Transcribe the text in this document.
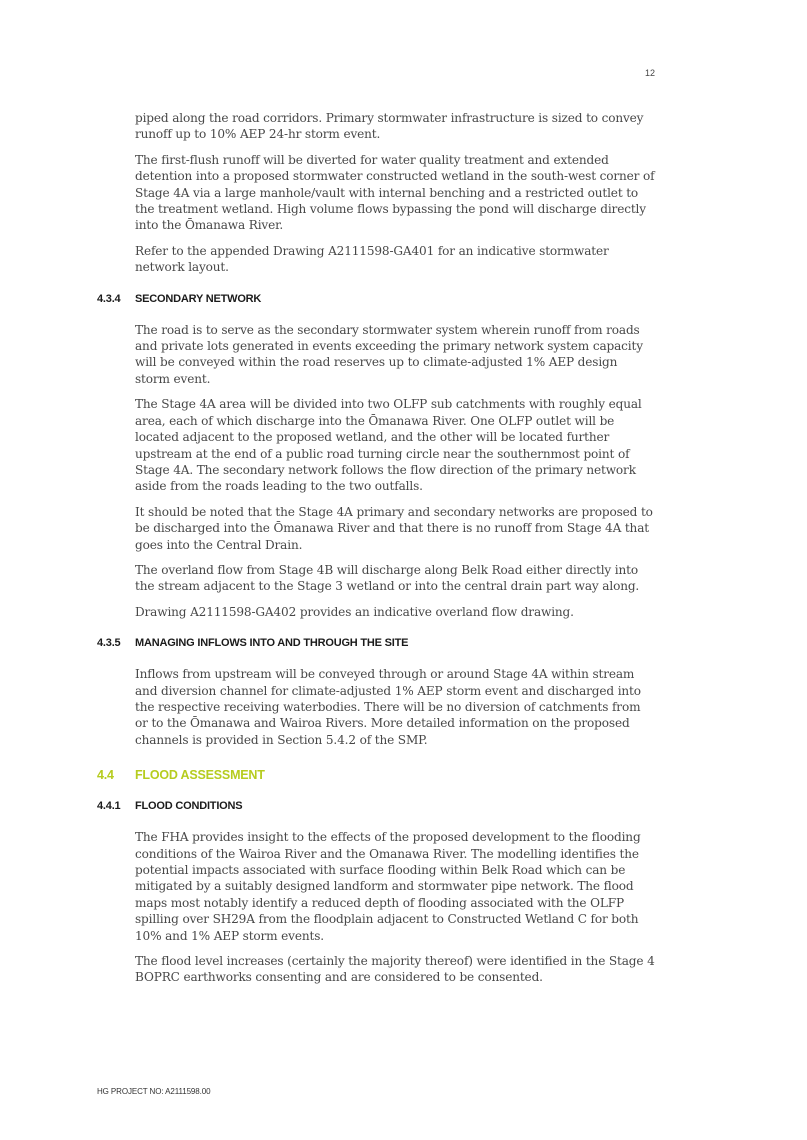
12

piped along the road corridors. Primary stormwater infrastructure is sized to convey runoff up to 10% AEP 24-hr storm event.

The first-flush runoff will be diverted for water quality treatment and extended detention into a proposed stormwater constructed wetland in the south-west corner of Stage 4A via a large manhole/vault with internal benching and a restricted outlet to the treatment wetland. High volume flows bypassing the pond will discharge directly into the Ōmanawa River.

Refer to the appended Drawing A2111598-GA401 for an indicative stormwater network layout.

4.3.4 SECONDARY NETWORK

The road is to serve as the secondary stormwater system wherein runoff from roads and private lots generated in events exceeding the primary network system capacity will be conveyed within the road reserves up to climate-adjusted 1% AEP design storm event.

The Stage 4A area will be divided into two OLFP sub catchments with roughly equal area, each of which discharge into the Ōmanawa River. One OLFP outlet will be located adjacent to the proposed wetland, and the other will be located further upstream at the end of a public road turning circle near the southernmost point of Stage 4A. The secondary network follows the flow direction of the primary network aside from the roads leading to the two outfalls.

It should be noted that the Stage 4A primary and secondary networks are proposed to be discharged into the Ōmanawa River and that there is no runoff from Stage 4A that goes into the Central Drain.

The overland flow from Stage 4B will discharge along Belk Road either directly into the stream adjacent to the Stage 3 wetland or into the central drain part way along.

Drawing A2111598-GA402 provides an indicative overland flow drawing.

4.3.5 MANAGING INFLOWS INTO AND THROUGH THE SITE

Inflows from upstream will be conveyed through or around Stage 4A within stream and diversion channel for climate-adjusted 1% AEP storm event and discharged into the respective receiving waterbodies. There will be no diversion of catchments from or to the Ōmanawa and Wairoa Rivers. More detailed information on the proposed channels is provided in Section 5.4.2 of the SMP.

4.4 FLOOD ASSESSMENT
4.4.1 FLOOD CONDITIONS

The FHA provides insight to the effects of the proposed development to the flooding conditions of the Wairoa River and the Omanawa River. The modelling identifies the potential impacts associated with surface flooding within Belk Road which can be mitigated by a suitably designed landform and stormwater pipe network. The flood maps most notably identify a reduced depth of flooding associated with the OLFP spilling over SH29A from the floodplain adjacent to Constructed Wetland C for both 10% and 1% AEP storm events.

The flood level increases (certainly the majority thereof) were identified in the Stage 4 BOPRC earthworks consenting and are considered to be consented.

HG PROJECT NO: A2111598.00
